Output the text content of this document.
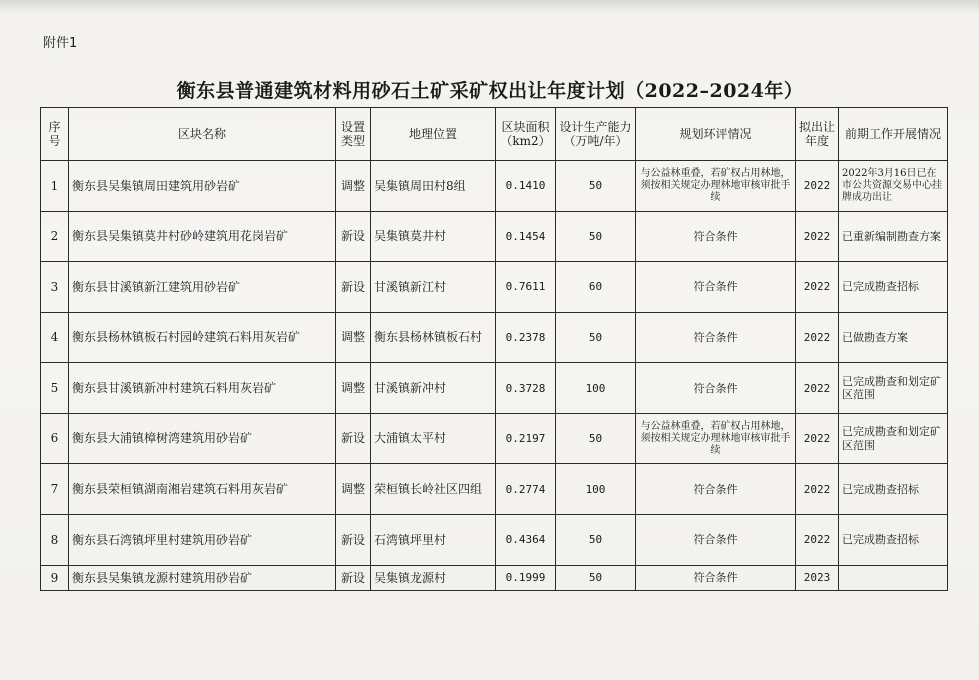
附件1
衡东县普通建筑材料用砂石土矿采矿权出让年度计划（2022–2024年）
序号	区块名称	设置类型	地理位置	区块面积（km2）	设计生产能力（万吨/年）	规划环评情况	拟出让年度	前期工作开展情况
1	衡东县吴集镇周田建筑用砂岩矿	调整	吴集镇周田村8组	0.1410	50	与公益林重叠，若矿权占用林地，须按相关规定办理林地审核审批手续	2022	2022年3月16日已在市公共资源交易中心挂牌成功出让
2	衡东县吴集镇莫井村砂岭建筑用花岗岩矿	新设	吴集镇莫井村	0.1454	50	符合条件	2022	已重新编制勘查方案
3	衡东县甘溪镇新江建筑用砂岩矿	新设	甘溪镇新江村	0.7611	60	符合条件	2022	已完成勘查招标
4	衡东县杨林镇板石村园岭建筑石料用灰岩矿	调整	衡东县杨林镇板石村	0.2378	50	符合条件	2022	已做勘查方案
5	衡东县甘溪镇新冲村建筑石料用灰岩矿	调整	甘溪镇新冲村	0.3728	100	符合条件	2022	已完成勘查和划定矿区范围
6	衡东县大浦镇樟树湾建筑用砂岩矿	新设	大浦镇太平村	0.2197	50	与公益林重叠，若矿权占用林地，须按相关规定办理林地审核审批手续	2022	已完成勘查和划定矿区范围
7	衡东县荣桓镇湖南湘岩建筑石料用灰岩矿	调整	荣桓镇长岭社区四组	0.2774	100	符合条件	2022	已完成勘查招标
8	衡东县石湾镇坪里村建筑用砂岩矿	新设	石湾镇坪里村	0.4364	50	符合条件	2022	已完成勘查招标
9	衡东县吴集镇龙源村建筑用砂岩矿	新设	吴集镇龙源村	0.1999	50	符合条件	2023	
